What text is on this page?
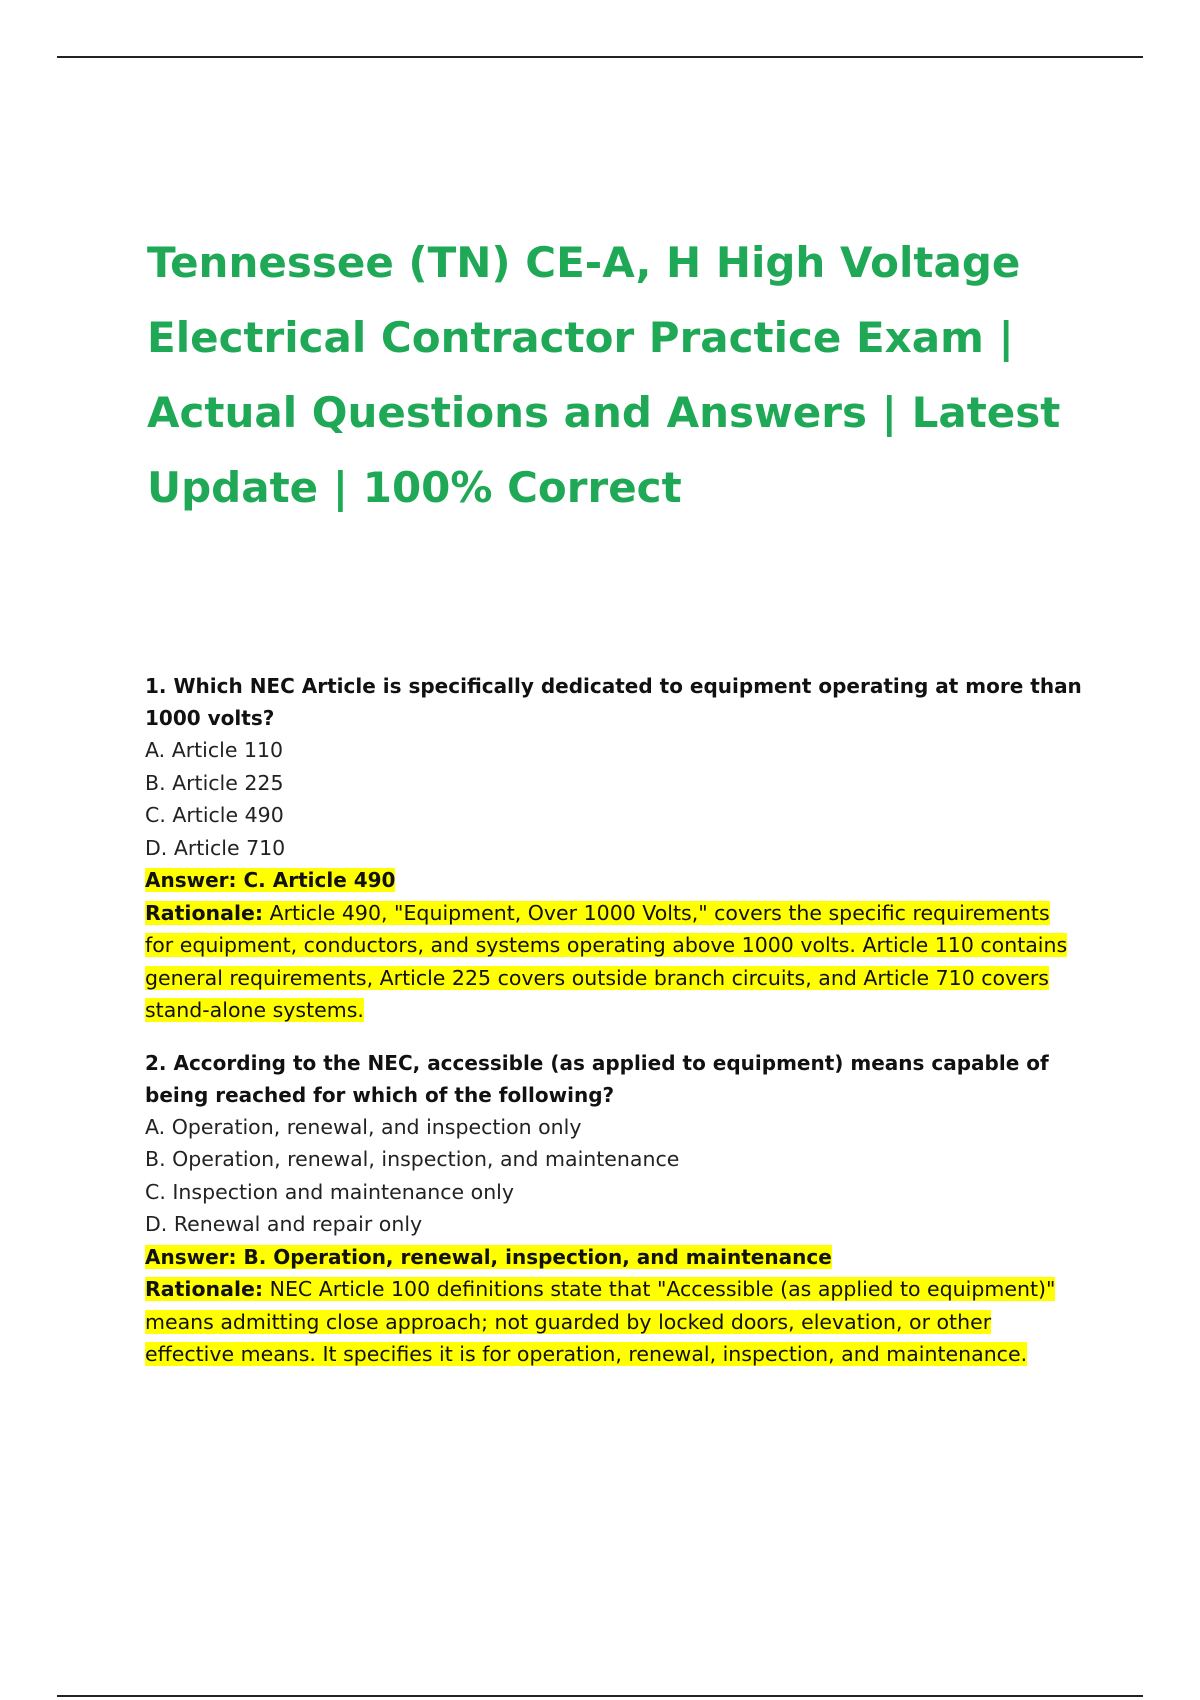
Tennessee (TN) CE-A, H High Voltage Electrical Contractor Practice Exam | Actual Questions and Answers | Latest Update | 100% Correct

1. Which NEC Article is specifically dedicated to equipment operating at more than 1000 volts?

A. Article 110
B. Article 225
C. Article 490
D. Article 710

Answer: C. Article 490

Rationale: Article 490, "Equipment, Over 1000 Volts," covers the specific requirements for equipment, conductors, and systems operating above 1000 volts. Article 110 contains general requirements, Article 225 covers outside branch circuits, and Article 710 covers stand-alone systems.

2. According to the NEC, accessible (as applied to equipment) means capable of being reached for which of the following?

A. Operation, renewal, and inspection only
B. Operation, renewal, inspection, and maintenance
C. Inspection and maintenance only
D. Renewal and repair only

Answer: B. Operation, renewal, inspection, and maintenance

Rationale: NEC Article 100 definitions state that "Accessible (as applied to equipment)" means admitting close approach; not guarded by locked doors, elevation, or other effective means. It specifies it is for operation, renewal, inspection, and maintenance.
